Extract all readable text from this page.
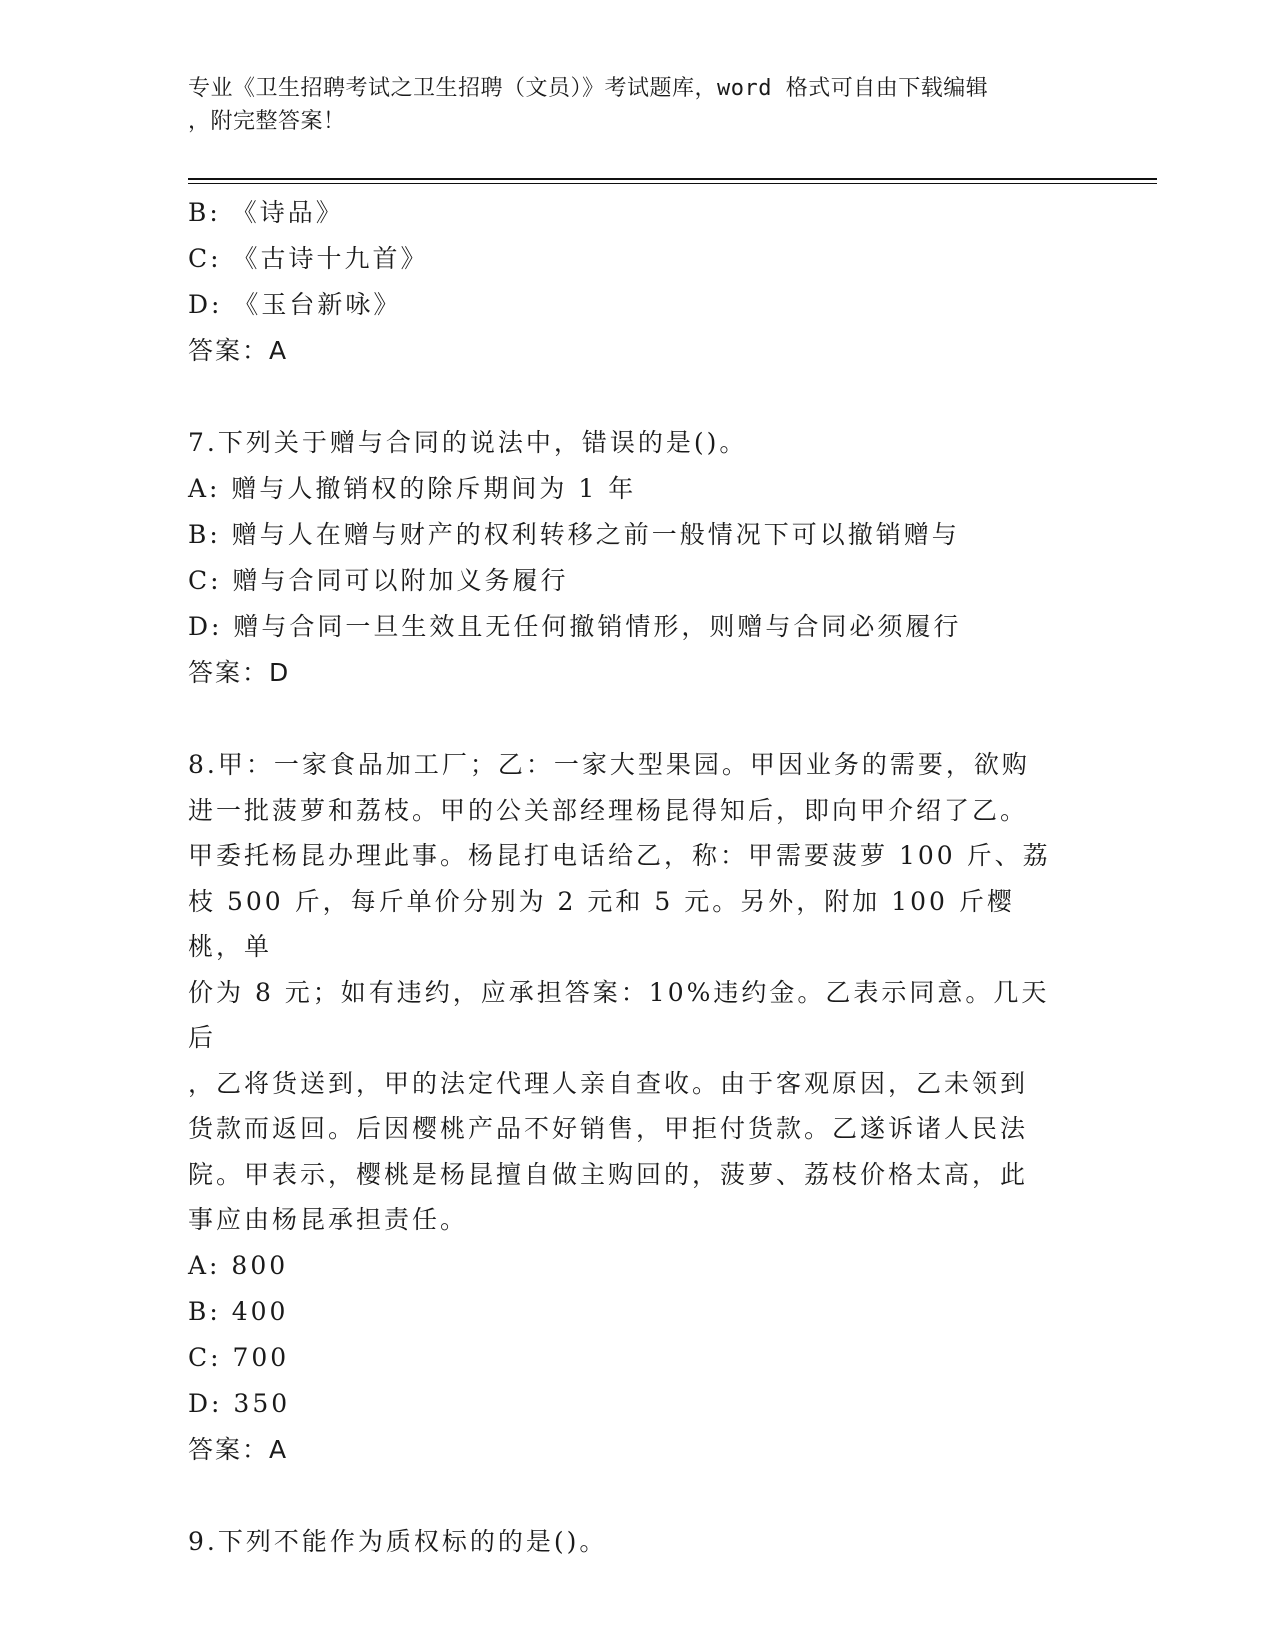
专业《卫生招聘考试之卫生招聘（文员）》考试题库，word 格式可自由下载编辑
，附完整答案！

B: 《诗品》

C: 《古诗十九首》

D: 《玉台新咏》

答案：A

7.下列关于赠与合同的说法中，错误的是()。

A: 赠与人撤销权的除斥期间为 1 年

B: 赠与人在赠与财产的权利转移之前一般情况下可以撤销赠与

C: 赠与合同可以附加义务履行

D: 赠与合同一旦生效且无任何撤销情形，则赠与合同必须履行

答案：D

8.甲：一家食品加工厂；乙：一家大型果园。甲因业务的需要，欲购

进一批菠萝和荔枝。甲的公关部经理杨昆得知后，即向甲介绍了乙。

甲委托杨昆办理此事。杨昆打电话给乙，称：甲需要菠萝 100 斤、荔

枝 500 斤，每斤单价分别为 2 元和 5 元。另外，附加 100 斤樱桃，单

价为 8 元；如有违约，应承担答案：10%违约金。乙表示同意。几天后

，乙将货送到，甲的法定代理人亲自查收。由于客观原因，乙未领到

货款而返回。后因樱桃产品不好销售，甲拒付货款。乙遂诉诸人民法

院。甲表示，樱桃是杨昆擅自做主购回的，菠萝、荔枝价格太高，此

事应由杨昆承担责任。

A: 800

B: 400

C: 700

D: 350

答案：A

9.下列不能作为质权标的的是()。
